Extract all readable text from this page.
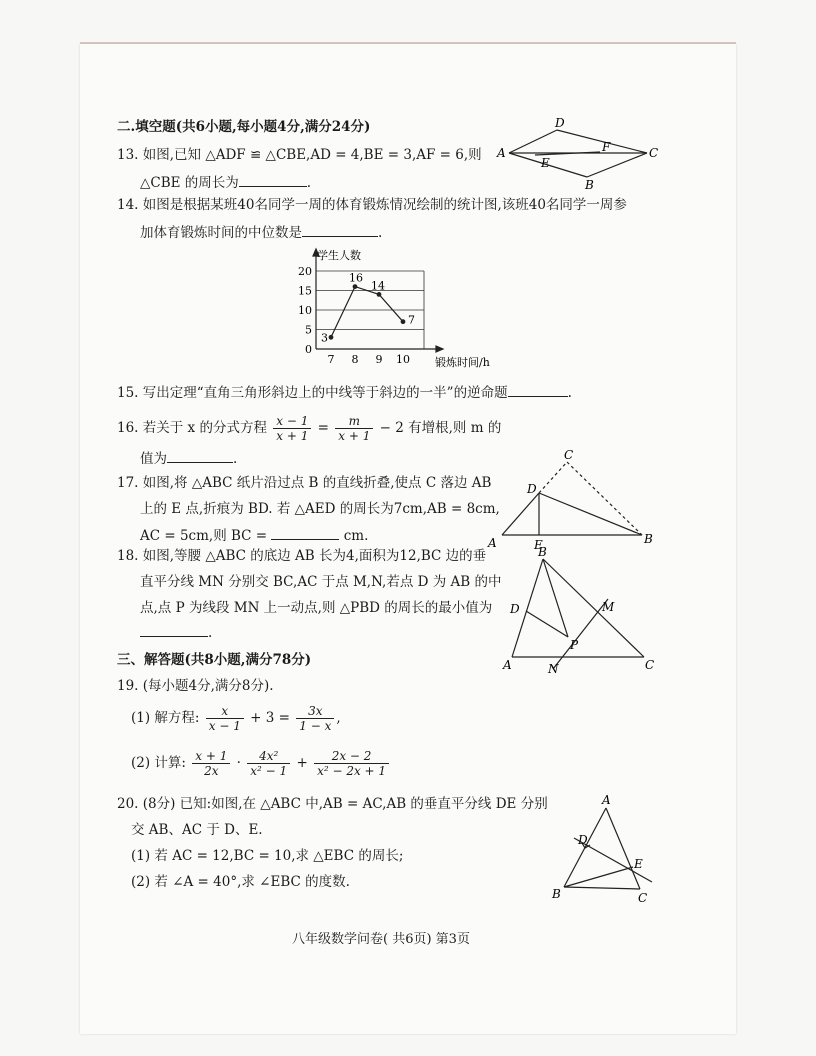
二.填空题(共6小题,每小题4分,满分24分)
13. 如图,已知 △ADF ≌ △CBE,AD = 4,BE = 3,AF = 6,则
△CBE 的周长为	.
A
D
F	C
E
B
14. 如图是根据某班40名同学一周的体育锻炼情况绘制的统计图,该班40名同学一周参
加体育锻炼时间的中位数是	.
3
16
14
7
0
5
10
15
20
7 8 9 10
学生人数
锻炼时间/h
15. 写出定理“直角三角形斜边上的中线等于斜边的一半”的逆命题	.
16. 若关于 x 的分式方程 $\frac{x - 1}{x + 1} = \frac{m}{x + 1} - 2$ 有增根,则 m 的
值为	.
17. 如图,将 △ABC 纸片沿过点 B 的直线折叠,使点 C 落边 AB
上的 E 点,折痕为 BD. 若 △AED 的周长为7cm,AB = 8cm,
AC = 5cm,则 BC =	cm.
C
D
A	E	B
18. 如图,等腰 △ABC 的底边 AB 长为4,面积为12,BC 边的垂
直平分线 MN 分别交 BC,AC 于点 M,N,若点 D 为 AB 的中
点,点 P 为线段 MN 上一动点,则 △PBD 的周长的最小值为
.
B
D	M
P
A	N	C
三、解答题(共8小题,满分78分)
19. (每小题4分,满分8分).
(1) 解方程: $\frac{x}{x - 1} + 3 = \frac{3x}{1 - x}$ ,
(2) 计算: $\frac{x + 1}{2x} \cdot \frac{\text{4x²}}{\text{x² − 1}} + \frac{2x - 2}{\text{x² − 2x + 1}}$
20. (8分) 已知:如图,在 △ABC 中,AB = AC,AB 的垂直平分线 DE 分别
交 AB、AC 于 D、E.
(1) 若 AC = 12,BC = 10,求 △EBC 的周长;
(2) 若 ∠A = 40°,求 ∠EBC 的度数.
A
D
E
B	C
八年级数学问卷( 共6页) 第3页
